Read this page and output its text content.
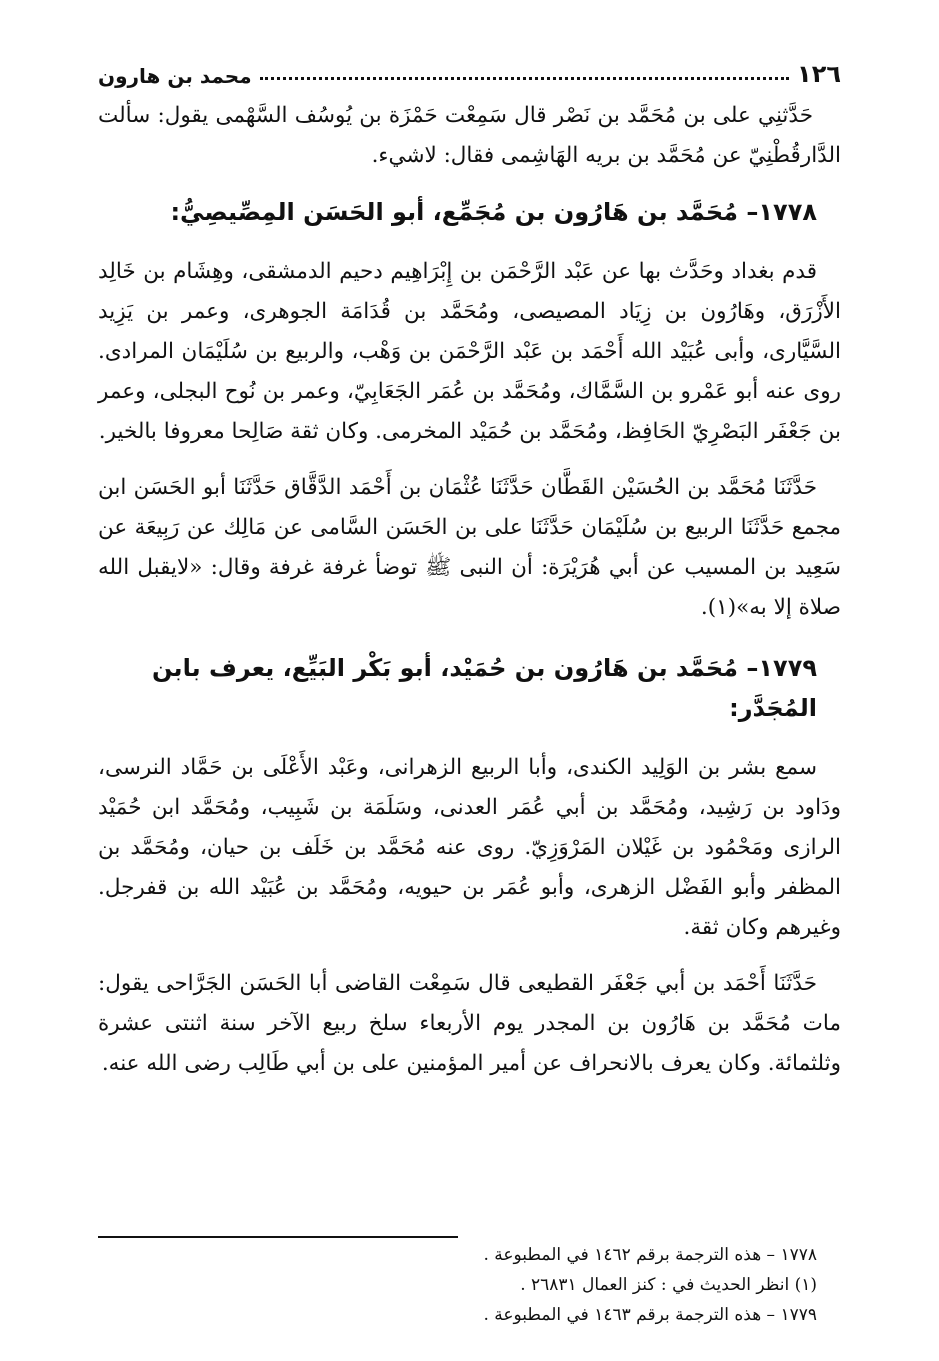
١٢٦
محمد بن هارون

حَدَّثنِي على بن مُحَمَّد بن نَصْر قال سَمِعْت حَمْزَة بن يُوسُف السَّهْمى يقول: سألت الدَّارقُطْنِيّ عن مُحَمَّد بن بريه الهَاشِمى فقال: لاشيء.

١٧٧٨– مُحَمَّد بن هَارُون بن مُجَمِّع، أبو الحَسَن المِصِّيصِيُّ:

قدم بغداد وحَدَّث بها عن عَبْد الرَّحْمَن بن إِبْرَاهِيم دحيم الدمشقى، وهِشَام بن خَالِد الأَزْرَق، وهَارُون بن زِيَاد المصيصى، ومُحَمَّد بن قُدَامَة الجوهرى، وعمر بن يَزِيد السَّيَّارى، وأبى عُبَيْد الله أَحْمَد بن عَبْد الرَّحْمَن بن وَهْب، والربيع بن سُلَيْمَان المرادى. روى عنه أبو عَمْرو بن السَّمَّاك، ومُحَمَّد بن عُمَر الجَعَابِيّ، وعمر بن نُوح البجلى، وعمر بن جَعْفَر البَصْرِيّ الحَافِظ، ومُحَمَّد بن حُمَيْد المخرمى. وكان ثقة صَالِحا معروفا بالخير.

حَدَّثَنَا مُحَمَّد بن الحُسَيْن القَطَّان حَدَّثَنَا عُثْمَان بن أَحْمَد الدَّقَّاق حَدَّثَنَا أبو الحَسَن ابن مجمع حَدَّثَنَا الربيع بن سُلَيْمَان حَدَّثَنَا على بن الحَسَن السَّامى عن مَالِك عن رَبِيعَة عن سَعِيد بن المسيب عن أبي هُرَيْرَة: أن النبى ﷺ توضأ غرفة غرفة وقال: «لايقبل الله صلاة إلا به»(١).

١٧٧٩– مُحَمَّد بن هَارُون بن حُمَيْد، أبو بَكْر البَيِّع، يعرف بابن المُجَدَّر:

سمع بشر بن الوَلِيد الكندى، وأبا الربيع الزهرانى، وعَبْد الأَعْلَى بن حَمَّاد النرسى، ودَاود بن رَشِيد، ومُحَمَّد بن أبي عُمَر العدنى، وسَلَمَة بن شَبِيب، ومُحَمَّد ابن حُمَيْد الرازى ومَحْمُود بن غَيْلان المَرْوَزِيّ. روى عنه مُحَمَّد بن خَلَف بن حيان، ومُحَمَّد بن المظفر وأبو الفَضْل الزهرى، وأبو عُمَر بن حيويه، ومُحَمَّد بن عُبَيْد الله بن قفرجل. وغيرهم وكان ثقة.

حَدَّثَنَا أَحْمَد بن أبي جَعْفَر القطيعى قال سَمِعْت القاضى أبا الحَسَن الجَرَّاحى يقول: مات مُحَمَّد بن هَارُون بن المجدر يوم الأربعاء سلخ ربيع الآخر سنة اثنتى عشرة وثلثمائة. وكان يعرف بالانحراف عن أمير المؤمنين على بن أبي طَالِب رضى الله عنه.

١٧٧٨ – هذه الترجمة برقم ١٤٦٢ في المطبوعة .

(١) انظر الحديث في : كنز العمال ٢٦٨٣١ .

١٧٧٩ – هذه الترجمة برقم ١٤٦٣ في المطبوعة .
